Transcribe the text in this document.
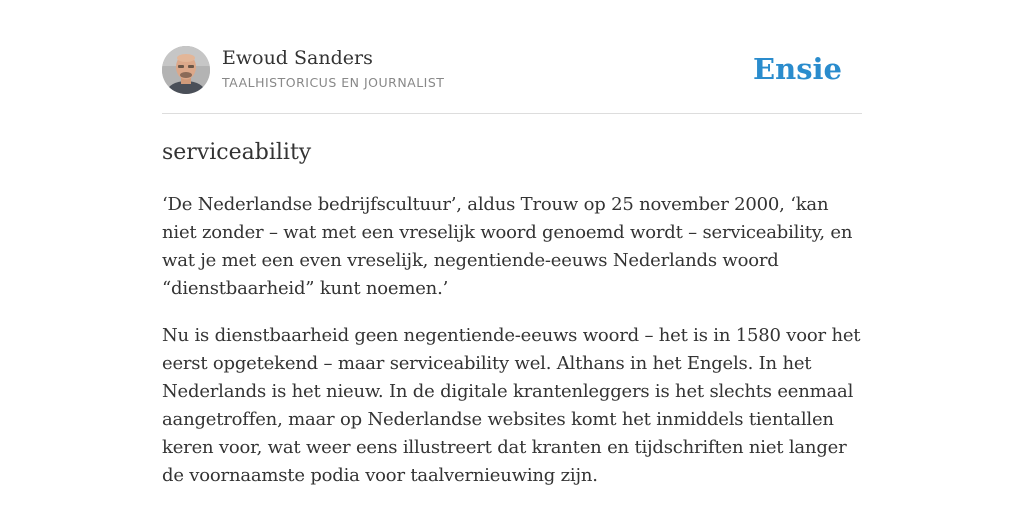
Ewoud Sanders
TAALHISTORICUS EN JOURNALIST	Ensie
serviceability

‘De Nederlandse bedrijfscultuur’, aldus Trouw op 25 november 2000, ‘kan niet zonder – wat met een vreselijk woord genoemd wordt – serviceability, en wat je met een even vreselijk, negentiende-eeuws Nederlands woord “dienstbaarheid” kunt noemen.’

Nu is dienstbaarheid geen negentiende-eeuws woord – het is in 1580 voor het eerst opgetekend – maar serviceability wel. Althans in het Engels. In het Nederlands is het nieuw. In de digitale krantenleggers is het slechts eenmaal aangetroffen, maar op Nederlandse websites komt het inmiddels tientallen keren voor, wat weer eens illustreert dat kranten en tijdschriften niet langer de voornaamste podia voor taalvernieuwing zijn.
